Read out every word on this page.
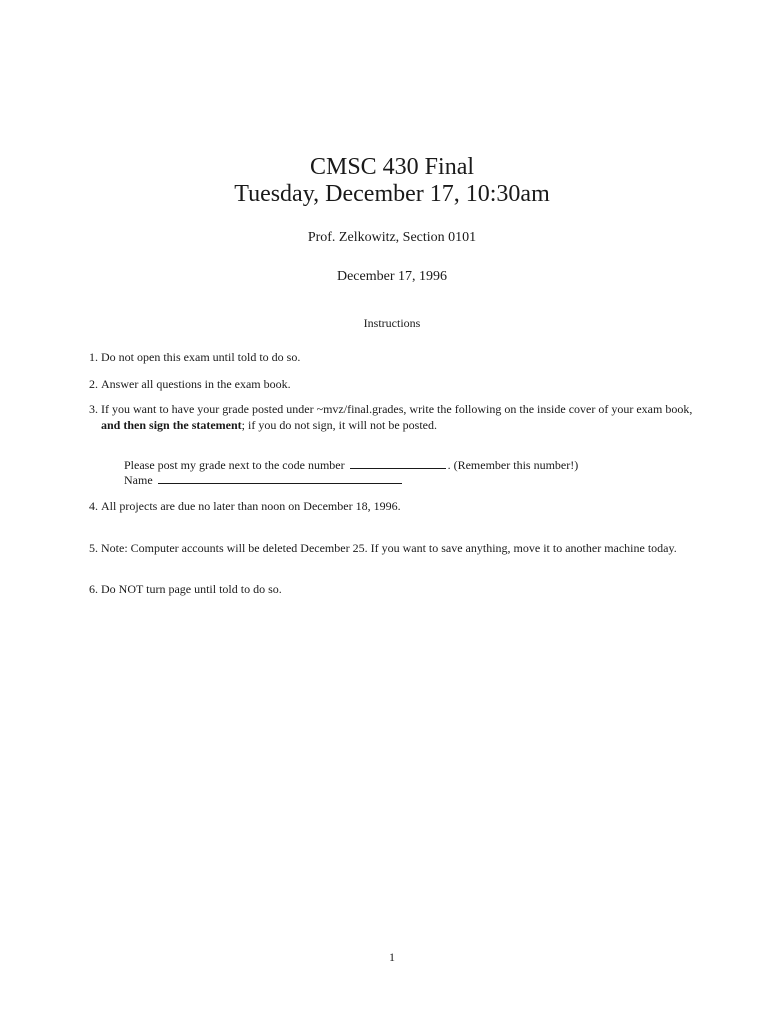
CMSC 430 Final
Tuesday, December 17, 10:30am
Prof. Zelkowitz, Section 0101
December 17, 1996
Instructions
1. Do not open this exam until told to do so.
2. Answer all questions in the exam book.
3. If you want to have your grade posted under ~mvz/final.grades, write the following on the inside cover of your exam book, and then sign the statement; if you do not sign, it will not be posted.
Please post my grade next to the code number	. (Remember this number!)
Name
4. All projects are due no later than noon on December 18, 1996.
5. Note: Computer accounts will be deleted December 25. If you want to save anything, move it to another machine today.
6. Do NOT turn page until told to do so.
1
